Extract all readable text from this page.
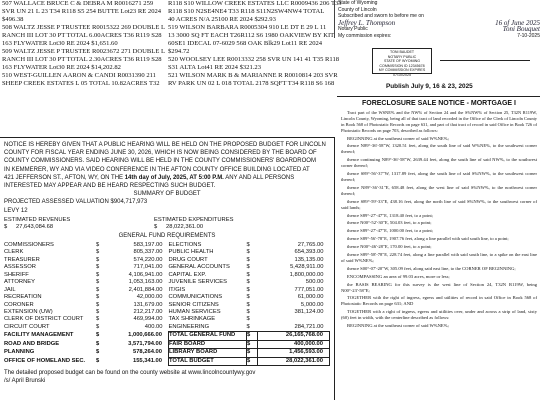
507 WALLACE BRUCE C & DEBRA M R0016271 259
SVR UN 21 L 23 T34 R118 S5 254 BUTTE Lot23 RE 2024
$496.38
508 WALTZ JESSE P TRUSTEE R0015322 269 DOUBLE L
RANCH III LOT 30 PT TOTAL 6.00ACRES T36 R119 S28
163 FLYWATER Lot30 RE 2024 $1,651.60
509 WALTZ JESSE P TRUSTEE R0023672 271 DOUBLE L
RANCH III LOT 30 PT TOTAL 2.30ACRES T36 R119 S28
163 FLYWATER Lot30 RE 2024 $14,202.82
510 WEST-GUILLEN AARON & CANDI R0031390 211
SHEEP CREEK ESTATES L 05 TOTAL 10.82ACRES T32
R118 S10 WILLOW CREEK ESTATES LLC R0009436 206 T33
R118 S10 N2SE4NE4 T33 R118 S11N2SW4NW4 TOTAL
40 ACRES N/A 25100 RE 2024 $292.93
519 WILSON BARBARA R0005304 910 LE DT E 29 L 11
13 3000 SQ FT EACH T26R112 S6 1980 OAKVIEW BY KIT
60SE1 IDECAL 07-6029 568 OAK Blk29 Lot11 RE 2024
$294.72
520 WOOLSEY LEE R0013332 258 SVR UN 141 41 T35 R118
S31 ALTA Lot41 RE 2024 $321.23
521 WILSON MARK B & MARIANNE R R0010814 203 SVR
RV PARK UN 02 L 018 TOTAL 2178 SQFT T34 R118 S6 168
State of Wyoming
County of Lincoln
Subscribed and sworn to before me on
Jeffrey L. Thompson	16 of June 2025
Notary Public	Toni Bouquet
My commission expires:	7-10-2025
TONI BAUDET
NOTARY PUBLIC
STATE OF WYOMING
COMMISSION ID 12345678
MY COMMISSION EXPIRES 07/10/2025
Publish July 9, 16 & 23, 2025

NOTICE IS HEREBY GIVEN THAT A PUBLIC HEARING WILL BE HELD ON THE PROPOSED BUDGET FOR LINCOLN
COUNTY FOR FISCAL YEAR ENDING JUNE 30, 2026, WHICH IS NOW BEING CONSIDERED BY THE BOARD OF
COUNTY COMMISSIONERS. SAID HEARING WILL BE HELD IN THE COUNTY COMMISSIONERS' BOARDROOM
IN KEMMERER, WY AND VIA VIDEO CONFERENCE IN THE AFTON COUNTY OFFICE BUILDING LOCATED AT

421 JEFFERSON ST., AFTON, WY, ON THE 14th day of July, 2025, AT 5:00 P.M. ANY AND ALL PERSONS

INTERESTED MAY APPEAR AND BE HEARD RESPECTING SUCH BUDGET.

SUMMARY OF BUDGET

PROJECTED ASSESSED VALUATION $904,717,973

LEVY 12

ESTIMATED REVENUES	ESTIMATED EXPENDITURES
$ 27,643,084.68	$ 28,022,361.00

GENERAL FUND REQUIREMENTS

COMMISSIONERS	$	583,197.00	ELECTIONS	$	27,765.00
CLERK	$	805,337.00	PUBLIC HEALTH	$	654,393.00
TREASURER	$	574,220.00	DRUG COURT	$	135,135.00
ASSESSOR	$	717,041.00	GENERAL ACCOUNTS	$	5,428,911.00
SHERIFF	$	4,106,941.00	CAPITAL EXP.	$	1,800,000.00
ATTORNEY	$	1,053,163.00	JUVENILE SERVICES	$	500.00
JAIL	$	2,401,884.00	IT/GIS	$	777,051.00
RECREATION	$	42,000.00	COMMUNICATIONS	$	61,000.00
CORONER	$	131,679.00	SENIOR CITIZENS	$	5,000.00
EXTENSION (UW)	$	212,217.00	HUMAN SERVICES	$	381,124.00
CLERK OF DISTRICT COURT	$	469,994.00	TAX SHRINKAGE	$	
CIRCUIT COURT	$	400.00	ENGINEERING	$	284,721.00
FACILITY MANAGEMENT	$	1,000,666.00	TOTAL GENERAL FUND	$	26,165,768.00
ROAD AND BRIDGE	$	3,571,794.00	FAIR BOARD	$	400,000.00
PLANNING	$	578,264.00	LIBRARY BOARD	$	1,456,593.00
OFFICE OF HOMELAND SEC.	$	155,341.00	TOTAL BUDGET	$	28,022,361.00

The detailed proposed budget can be found on the county website at www.lincolncountywy.gov

/s/ April Brunski

FORECLOSURE SALE NOTICE - MORTGAGE I

Tract part of the WSNE% and the NW% of Section 24 and the S%NW% of Section 25, T32N R119W, Lincoln County, Wyoming, being all of that tract of land recorded in the Office of the Clerk of Lincoln County in Book 568 of Photostatic Records on page 631, and part of that tract of record in said Office in Book 726 of Photostatic Records on page 703, described as follows:

BEGINNING at the southeast corner of said W%NE%;

thence N89°-36'-58"W, 1320.51 feet, along the south line of said W%NE%, to the southwest corner thereof;

thence continuing N89°-36'-58"W, 2639.44 feet, along the south line of said NW%, to the southwest corner thereof;

thence S89°-56'-37"W, 1317.89 feet, along the south line of said S%NW%, to the southwest corner thereof;

thence N89°-36'-31"E, 658.48 feet, along the west line of said S%NW%, to the northwest corner thereof;

thence S89°-59'-33"E, 438.16 feet, along the north line of said S%NW%, to the southwest corner of said lands;

thence S89°-27'-47"E, 1318.40 feet, to a point;

thence N00°-52'-30"E, 504.03 feet, to a point;

thence S89°-27'-47"E, 1000.00 feet, to a point;

thence S89°-56'-78"E, 1907.76 feet, along a line parallel with said south line, to a point;

thence N00°-46'-28"E, 170.00 feet, to a point;

thence S89°-58'-78"E, 228.74 feet, along a line parallel with said south line, to a spike on the east line of said W%NE%;

thence S00°-07'-20"W, 305.09 feet, along said east line, to the CORNER OF BEGINNING;

ENCOMPASSING an area of 99.03 acres, more or less;

the BASIS BEARING for this survey is the west line of Section 24, T32N R119W, being N00°-23'-58"E;

TOGETHER with the right of ingress, egress and utilities of record in said Office in Book 568 of Photostatic Records on page 631; AND

TOGETHER with a right of ingress, egress and utilities over, under and across a strip of land, sixty (60) feet in width, with the centerline described as follows:

BEGINNING at the southeast corner of said W%NE%;
